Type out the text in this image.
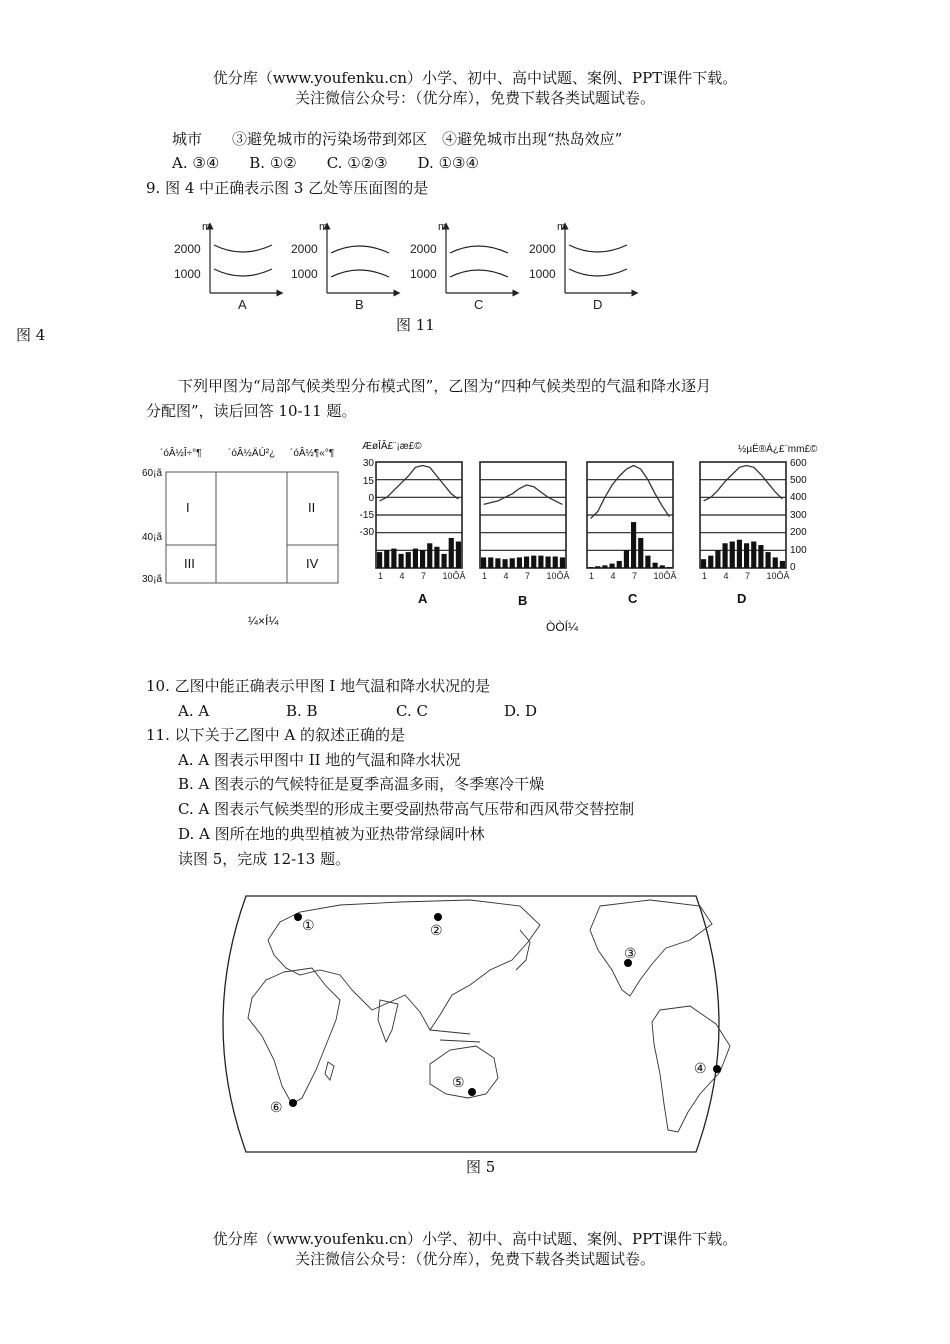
优分库（www.youfenku.cn）小学、初中、高中试题、案例、PPT课件下载。
关注微信公众号：（优分库），免费下载各类试题试卷。
城市　　③避免城市的污染场带到郊区　④避免城市出现“热岛效应”
A. ③④　　B. ①②　　C. ①②③　　D. ①③④
9. 图 4 中正确表示图 3 乙处等压面图的是
2000
1000
m
A
2000
1000
m
B
2000
1000
m
C
2000
1000
m
D
图 11
图 4
下列甲图为“局部气候类型分布模式图”，乙图为“四种气候类型的气温和降水逐月
分配图”，读后回答 10-11 题。
´óÂ½Î÷°¶	´óÂ½ÄÚ²¿ ´óÂ½¶«°¶
60¡ã
40¡ã
30¡ã
I	II
III	IV
¼×Í¼
ÆøÎÂ£¨¡æ£©	½µË®Á¿£¨mm£©
30
15
0
-15
-30
600
500
400
300
200
100
0
1 4 7 10ÔÂ 1 4 7 10ÔÂ 1 4 7 10ÔÂ	1 4 7 10ÔÂ
A	B	C	D
ÒÒÍ¼
10. 乙图中能正确表示甲图 I 地气温和降水状况的是
A. A	B. B	C. C	D. D
11. 以下关于乙图中 A 的叙述正确的是
A. A 图表示甲图中 II 地的气温和降水状况
B. A 图表示的气候特征是夏季高温多雨，冬季寒冷干燥
C. A 图表示气候类型的形成主要受副热带高气压带和西风带交替控制
D. A 图所在地的典型植被为亚热带常绿阔叶林
读图 5，完成 12-13 题。
①	②
③
④
⑤
⑥
图 5
优分库（www.youfenku.cn）小学、初中、高中试题、案例、PPT课件下载。
关注微信公众号：（优分库），免费下载各类试题试卷。
